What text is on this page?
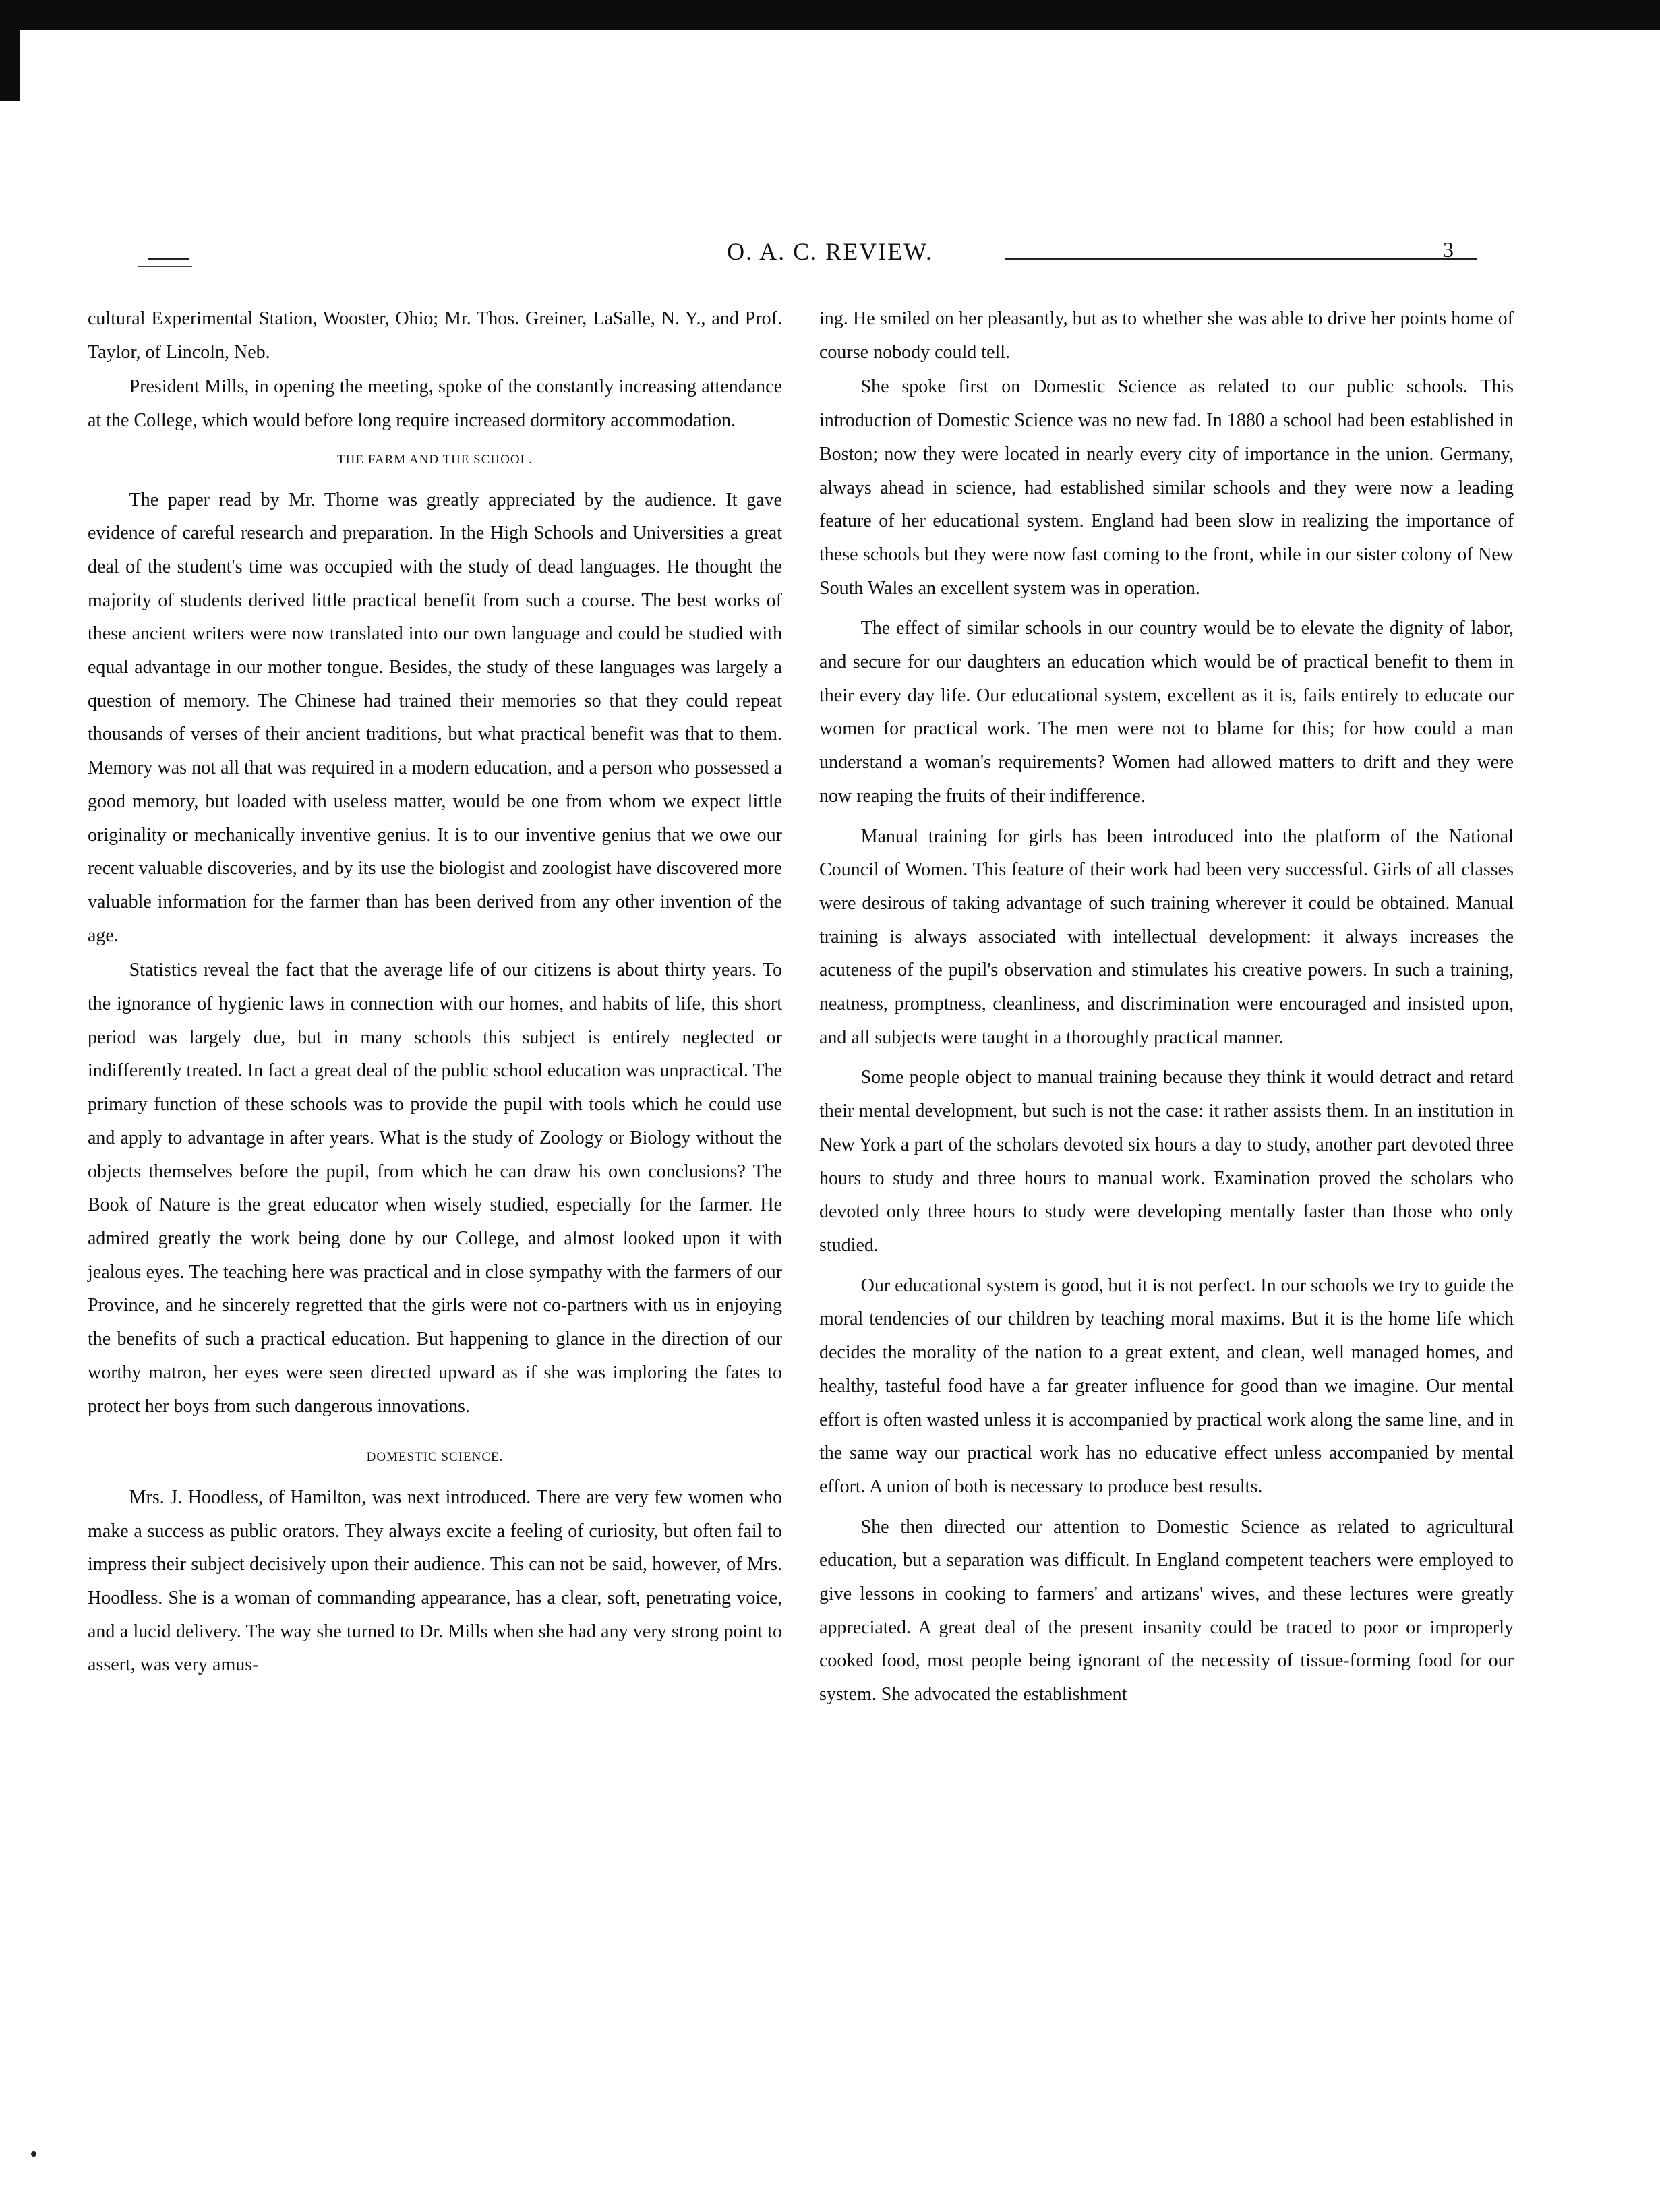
O. A. C. REVIEW.	3

cultural Experimental Station, Wooster, Ohio; Mr. Thos. Greiner, LaSalle, N. Y., and Prof. Taylor, of Lincoln, Neb.

President Mills, in opening the meeting, spoke of the constantly increasing attendance at the College, which would before long require increased dormitory accommodation.

THE FARM AND THE SCHOOL.

The paper read by Mr. Thorne was greatly appreciated by the audience. It gave evidence of careful research and preparation. In the High Schools and Universities a great deal of the student's time was occupied with the study of dead languages. He thought the majority of students derived little practical benefit from such a course. The best works of these ancient writers were now translated into our own language and could be studied with equal advantage in our mother tongue. Besides, the study of these languages was largely a question of memory. The Chinese had trained their memories so that they could repeat thousands of verses of their ancient traditions, but what practical benefit was that to them. Memory was not all that was required in a modern education, and a person who possessed a good memory, but loaded with useless matter, would be one from whom we expect little originality or mechanically inventive genius. It is to our inventive genius that we owe our recent valuable discoveries, and by its use the biologist and zoologist have discovered more valuable information for the farmer than has been derived from any other invention of the age.

Statistics reveal the fact that the average life of our citizens is about thirty years. To the ignorance of hygienic laws in connection with our homes, and habits of life, this short period was largely due, but in many schools this subject is entirely neglected or indifferently treated. In fact a great deal of the public school education was unpractical. The primary function of these schools was to provide the pupil with tools which he could use and apply to advantage in after years. What is the study of Zoology or Biology without the objects themselves before the pupil, from which he can draw his own conclusions? The Book of Nature is the great educator when wisely studied, especially for the farmer. He admired greatly the work being done by our College, and almost looked upon it with jealous eyes. The teaching here was practical and in close sympathy with the farmers of our Province, and he sincerely regretted that the girls were not co-partners with us in enjoying the benefits of such a practical education. But happening to glance in the direction of our worthy matron, her eyes were seen directed upward as if she was imploring the fates to protect her boys from such dangerous innovations.

DOMESTIC SCIENCE.

Mrs. J. Hoodless, of Hamilton, was next introduced. There are very few women who make a success as public orators. They always excite a feeling of curiosity, but often fail to impress their subject decisively upon their audience. This can not be said, however, of Mrs. Hoodless. She is a woman of commanding appearance, has a clear, soft, penetrating voice, and a lucid delivery. The way she turned to Dr. Mills when she had any very strong point to assert, was very amus-

ing. He smiled on her pleasantly, but as to whether she was able to drive her points home of course nobody could tell.

She spoke first on Domestic Science as related to our public schools. This introduction of Domestic Science was no new fad. In 1880 a school had been established in Boston; now they were located in nearly every city of importance in the union. Germany, always ahead in science, had established similar schools and they were now a leading feature of her educational system. England had been slow in realizing the importance of these schools but they were now fast coming to the front, while in our sister colony of New South Wales an excellent system was in operation.

The effect of similar schools in our country would be to elevate the dignity of labor, and secure for our daughters an education which would be of practical benefit to them in their every day life. Our educational system, excellent as it is, fails entirely to educate our women for practical work. The men were not to blame for this; for how could a man understand a woman's requirements? Women had allowed matters to drift and they were now reaping the fruits of their indifference.

Manual training for girls has been introduced into the platform of the National Council of Women. This feature of their work had been very successful. Girls of all classes were desirous of taking advantage of such training wherever it could be obtained. Manual training is always associated with intellectual development: it always increases the acuteness of the pupil's observation and stimulates his creative powers. In such a training, neatness, promptness, cleanliness, and discrimination were encouraged and insisted upon, and all subjects were taught in a thoroughly practical manner.

Some people object to manual training because they think it would detract and retard their mental development, but such is not the case: it rather assists them. In an institution in New York a part of the scholars devoted six hours a day to study, another part devoted three hours to study and three hours to manual work. Examination proved the scholars who devoted only three hours to study were developing mentally faster than those who only studied.

Our educational system is good, but it is not perfect. In our schools we try to guide the moral tendencies of our children by teaching moral maxims. But it is the home life which decides the morality of the nation to a great extent, and clean, well managed homes, and healthy, tasteful food have a far greater influence for good than we imagine. Our mental effort is often wasted unless it is accompanied by practical work along the same line, and in the same way our practical work has no educative effect unless accompanied by mental effort. A union of both is necessary to produce best results.

She then directed our attention to Domestic Science as related to agricultural education, but a separation was difficult. In England competent teachers were employed to give lessons in cooking to farmers' and artizans' wives, and these lectures were greatly appreciated. A great deal of the present insanity could be traced to poor or improperly cooked food, most people being ignorant of the necessity of tissue-forming food for our system. She advocated the establishment
